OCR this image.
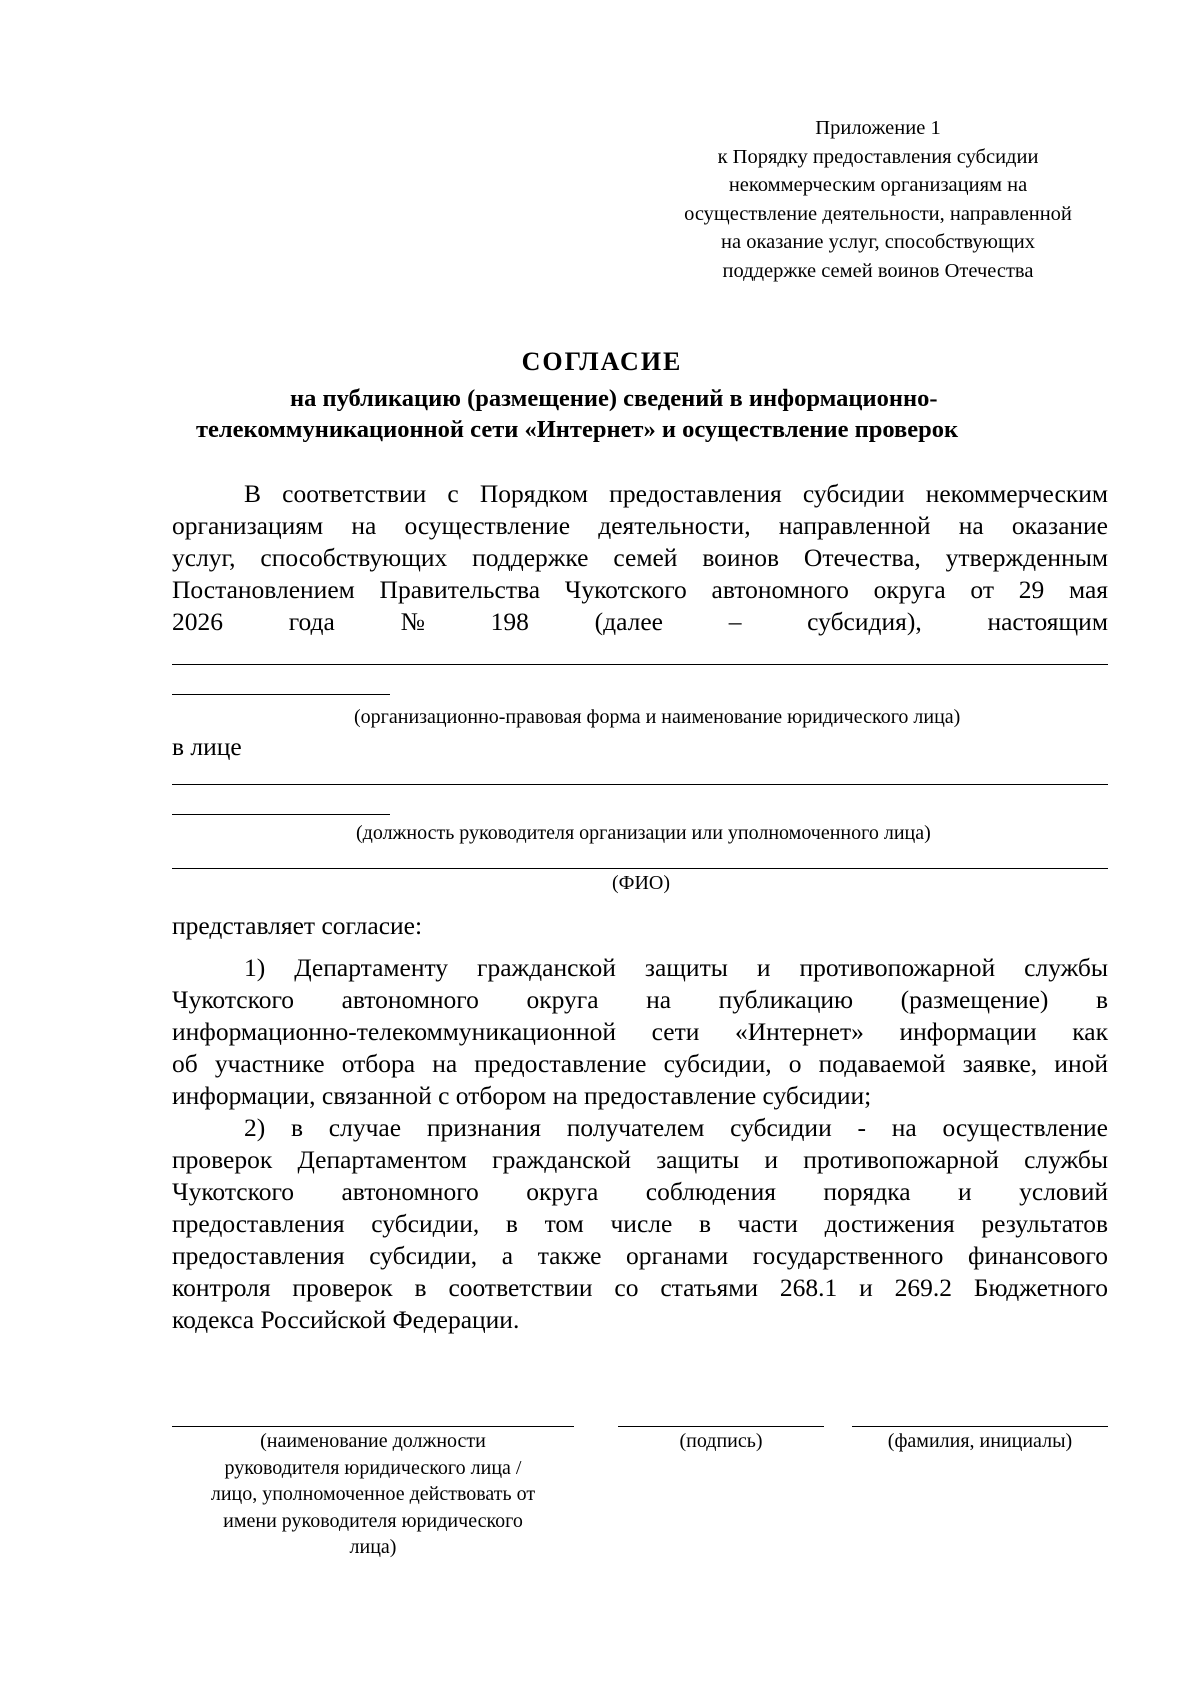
Приложение 1
к Порядку предоставления субсидии
некоммерческим организациям на
осуществление деятельности, направленной
на оказание услуг, способствующих
поддержке семей воинов Отечества
СОГЛАСИЕ
на публикацию (размещение) сведений в информационно-
телекоммуникационной сети «Интернет» и осуществление проверок
В соответствии с Порядком предоставления субсидии некоммерческим
организациям на осуществление деятельности, направленной на оказание
услуг, способствующих поддержке семей воинов Отечества, утвержденным
Постановлением Правительства Чукотского автономного округа от 29 мая
2026	года	№	198	(далее	–	субсидия),	настоящим
(организационно-правовая форма и наименование юридического лица)
в лице
(должность руководителя организации или уполномоченного лица)
(ФИО)
представляет согласие:
1) Департаменту гражданской защиты и противопожарной службы
Чукотского автономного округа на публикацию (размещение) в
информационно-телекоммуникационной сети «Интернет» информации как
об участнике отбора на предоставление субсидии, о подаваемой заявке, иной
информации, связанной с отбором на предоставление субсидии;
2) в случае признания получателем субсидии - на осуществление
проверок Департаментом гражданской защиты и противопожарной службы
Чукотского автономного округа соблюдения порядка и условий
предоставления субсидии, в том числе в части достижения результатов
предоставления субсидии, а также органами государственного финансового
контроля проверок в соответствии со статьями 268.1 и 269.2 Бюджетного
кодекса Российской Федерации.
(наименование должности
руководителя юридического лица /
лицо, уполномоченное действовать от
имени руководителя юридического
лица)
(подпись)	(фамилия, инициалы)
